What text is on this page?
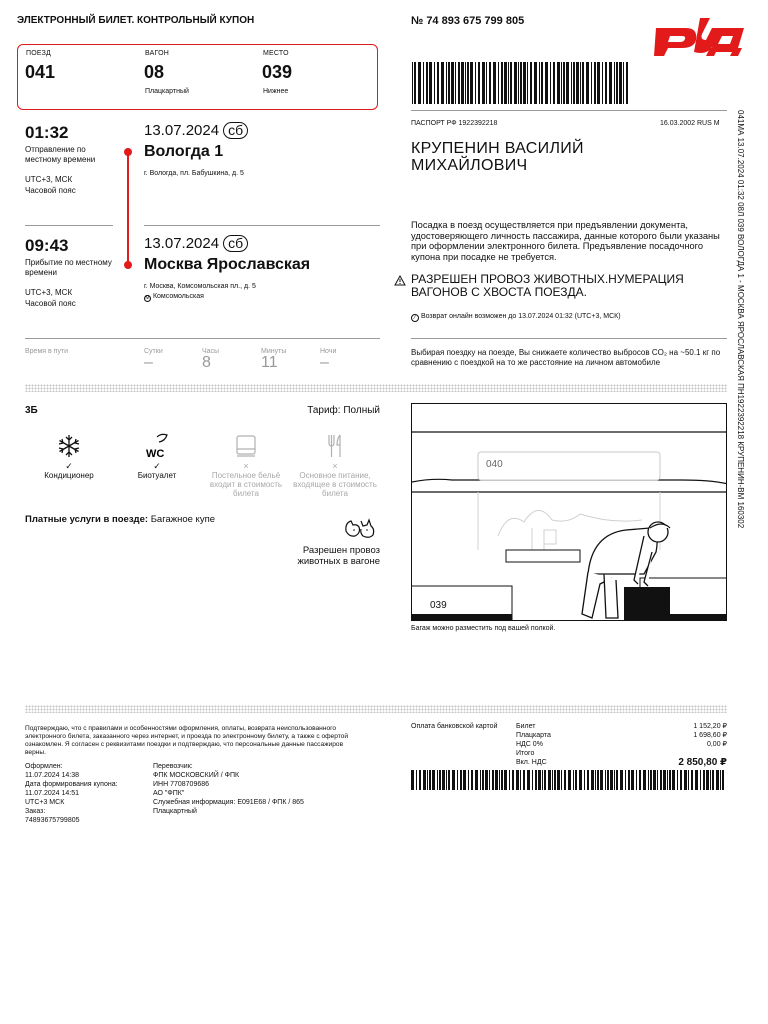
ЭЛЕКТРОННЫЙ БИЛЕТ. КОНТРОЛЬНЫЙ КУПОН	№ 74 893 675 799 805
ПОЕЗД
041
ВАГОН
08
Плацкартный
МЕСТО
039
Нижнее
01:32
Отправление по местному времени
UTC+3, МСК
Часовой пояс
13.07.2024 сб
Вологда 1
г. Вологда, пл. Бабушкина, д. 5
09:43
Прибытие по местному времени
UTC+3, МСК
Часовой пояс
13.07.2024 сб
Москва Ярославская
г. Москва, Комсомольская пл., д. 5
М Комсомольская
Время в пути	Сутки
–
Часы
8
Минуты
11
Ночи
–
ПАСПОРТ РФ 1922392218	16.03.2002 RUS M
КРУПЕНИН ВАСИЛИЙ
МИХАЙЛОВИЧ
Посадка в поезд осуществляется при предъявлении документа, удостоверяющего личность пассажира, данные которого были указаны при оформлении электронного билета. Предъявление посадочного купона при посадке не требуется.
РАЗРЕШЕН ПРОВОЗ ЖИВОТНЫХ.НУМЕРАЦИЯ ВАГОНОВ С ХВОСТА ПОЕЗДА.
⁄ Возврат онлайн возможен до 13.07.2024 01:32 (UTC+3, МСК)
Выбирая поездку на поезде, Вы снижаете количество выбросов CO₂ на ~50.1 кг по сравнению с поездкой на то же расстояние на личном автомобиле	041МА 13.07.2024 01:32 08Л 039 ВОЛОГДА 1 - МОСКВА ЯРОСЛАВСКАЯ ПН1922392218 КРУПЕНИН-ВМ 160302
3Б	Тариф: Полный
✓
Кондиционер
WC
✓
Биотуалет
×
Постельное бельё входит в стоимость билета
×
Основное питание, входящее в стоимость билета
Платные услуги в поезде: Багажное купе
Разрешен провоз животных в вагоне
040
039
Багаж можно разместить под вашей полкой.
Подтверждаю, что с правилами и особенностями оформления, оплаты, возврата неиспользованного электронного билета, заказанного через интернет, и проезда по электронному билету, а также с офертой ознакомлен. Я согласен с реквизитами поездки и подтверждаю, что персональные данные пассажиров верны.
Оформлен:
11.07.2024 14:38
Дата формирования купона:
11.07.2024 14:51
UTC+3 МСК
Заказ:
74893675799805
Перевозчик:
ФПК МОСКОВСКИЙ / ФПК
ИНН 7708709686
АО "ФПК"
Служебная информация: E091E68 / ФПК / 865
Плацкартный
Оплата банковской картой	Билет	1 152,20 ₽
Плацкарта	1 698,60 ₽
НДС 0%	0,00 ₽
Итого
Вкл. НДС	2 850,80 ₽
